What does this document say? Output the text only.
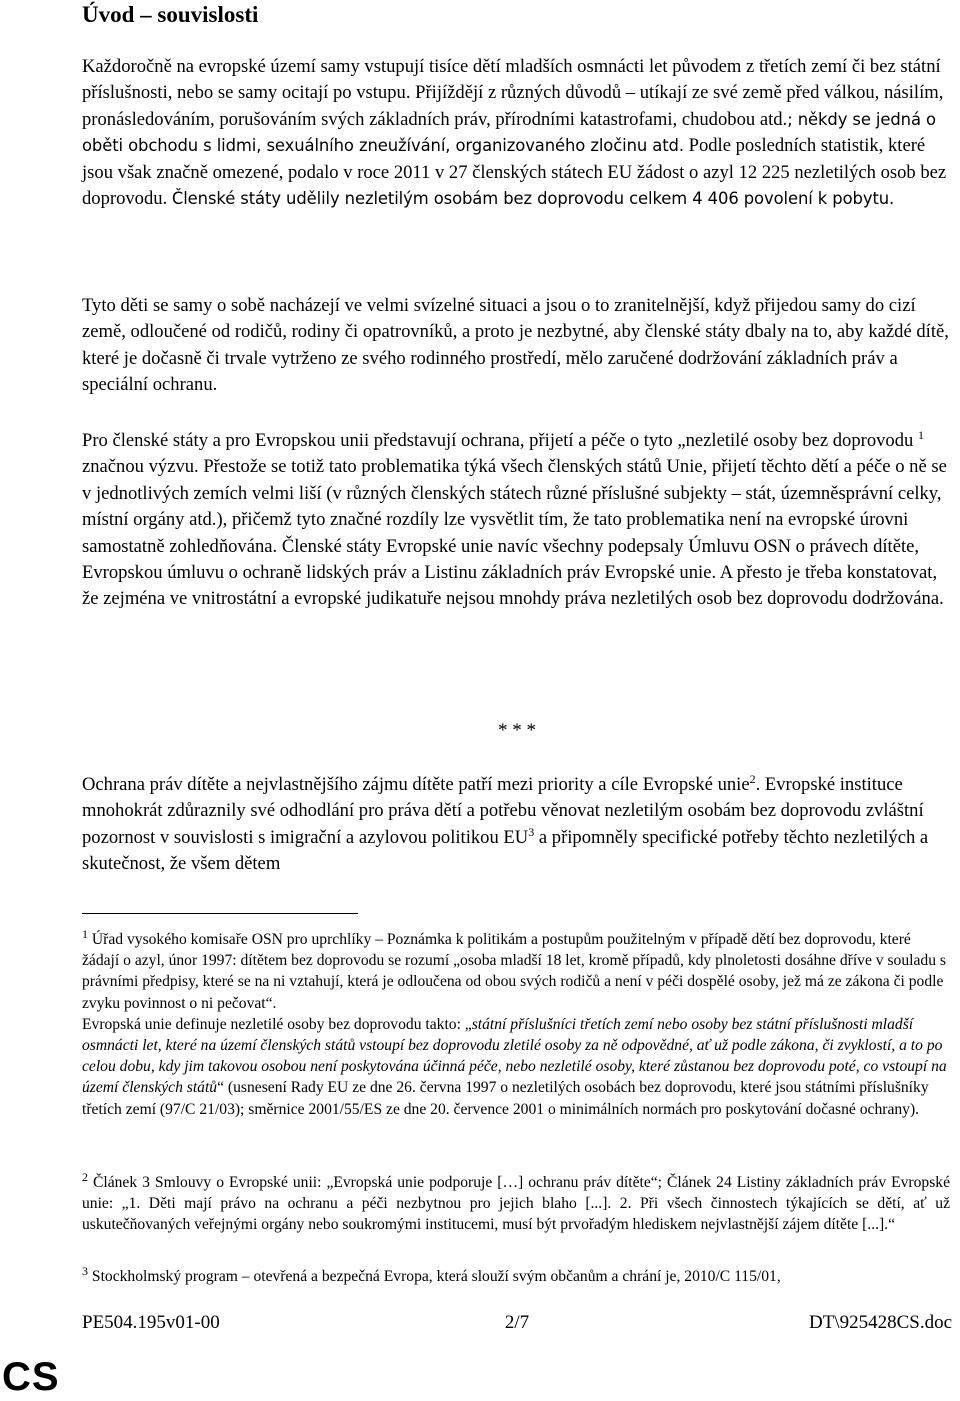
Úvod – souvislosti

Každoročně na evropské území samy vstupují tisíce dětí mladších osmnácti let původem z třetích zemí či bez státní příslušnosti, nebo se samy ocitají po vstupu. Přijíždějí z různých důvodů – utíkají ze své země před válkou, násilím, pronásledováním, porušováním svých základních práv, přírodními katastrofami, chudobou atd.; někdy se jedná o oběti obchodu s lidmi, sexuálního zneužívání, organizovaného zločinu atd. Podle posledních statistik, které jsou však značně omezené, podalo v roce 2011 v 27 členských státech EU žádost o azyl 12 225 nezletilých osob bez doprovodu. Členské státy udělily nezletilým osobám bez doprovodu celkem 4 406 povolení k pobytu.

Tyto děti se samy o sobě nacházejí ve velmi svízelné situaci a jsou o to zranitelnější, když přijedou samy do cizí země, odloučené od rodičů, rodiny či opatrovníků, a proto je nezbytné, aby členské státy dbaly na to, aby každé dítě, které je dočasně či trvale vytrženo ze svého rodinného prostředí, mělo zaručené dodržování základních práv a speciální ochranu.

Pro členské státy a pro Evropskou unii představují ochrana, přijetí a péče o tyto „nezletilé osoby bez doprovodu $^1$ značnou výzvu. Přestože se totiž tato problematika týká všech členských států Unie, přijetí těchto dětí a péče o ně se v jednotlivých zemích velmi liší (v různých členských státech různé příslušné subjekty – stát, územněsprávní celky, místní orgány atd.), přičemž tyto značné rozdíly lze vysvětlit tím, že tato problematika není na evropské úrovni samostatně zohledňována. Členské státy Evropské unie navíc všechny podepsaly Úmluvu OSN o právech dítěte, Evropskou úmluvu o ochraně lidských práv a Listinu základních práv Evropské unie. A přesto je třeba konstatovat, že zejména ve vnitrostátní a evropské judikatuře nejsou mnohdy práva nezletilých osob bez doprovodu dodržována.

* * *

Ochrana práv dítěte a nejvlastnějšího zájmu dítěte patří mezi priority a cíle Evropské unie$^2$. Evropské instituce mnohokrát zdůraznily své odhodlání pro práva dětí a potřebu věnovat nezletilým osobám bez doprovodu zvláštní pozornost v souvislosti s imigrační a azylovou politikou $EU^3$ a připomněly specifické potřeby těchto nezletilých a skutečnost, že všem dětem

$^1$ Úřad vysokého komisaře OSN pro uprchlíky – Poznámka k politikám a postupům použitelným v případě dětí bez doprovodu, které žádají o azyl, únor 1997: dítětem bez doprovodu se rozumí „osoba mladší 18 let, kromě případů, kdy plnoletosti dosáhne dříve v souladu s právními předpisy, které se na ni vztahují, která je odloučena od obou svých rodičů a není v péči dospělé osoby, jež má ze zákona či podle zvyku povinnost o ni pečovat“.
Evropská unie definuje nezletilé osoby bez doprovodu takto: „státní příslušníci třetích zemí nebo osoby bez státní příslušnosti mladší osmnácti let, které na území členských států vstoupí bez doprovodu zletilé osoby za ně odpovědné, ať už podle zákona, či zvyklostí, a to po celou dobu, kdy jim takovou osobou není poskytována účinná péče, nebo nezletilé osoby, které zůstanou bez doprovodu poté, co vstoupí na území členských států“ (usnesení Rady EU ze dne 26. června 1997 o nezletilých osobách bez doprovodu, které jsou státními příslušníky třetích zemí (97/C 21/03); směrnice 2001/55/ES ze dne 20. července 2001 o minimálních normách pro poskytování dočasné ochrany).

$^2$ Článek 3 Smlouvy o Evropské unii: „Evropská unie podporuje […] ochranu práv dítěte“; Článek 24 Listiny základních práv Evropské unie: „1. Děti mají právo na ochranu a péči nezbytnou pro jejich blaho [...]. 2. Při všech činnostech týkajících se dětí, ať už uskutečňovaných veřejnými orgány nebo soukromými institucemi, musí být prvořadým hlediskem nejvlastnější zájem dítěte [...].“

$^3$ Stockholmský program – otevřená a bezpečná Evropa, která slouží svým občanům a chrání je, 2010/C 115/01,

PE504.195v01-00	2/7	DT\925428CS.doc
CS
